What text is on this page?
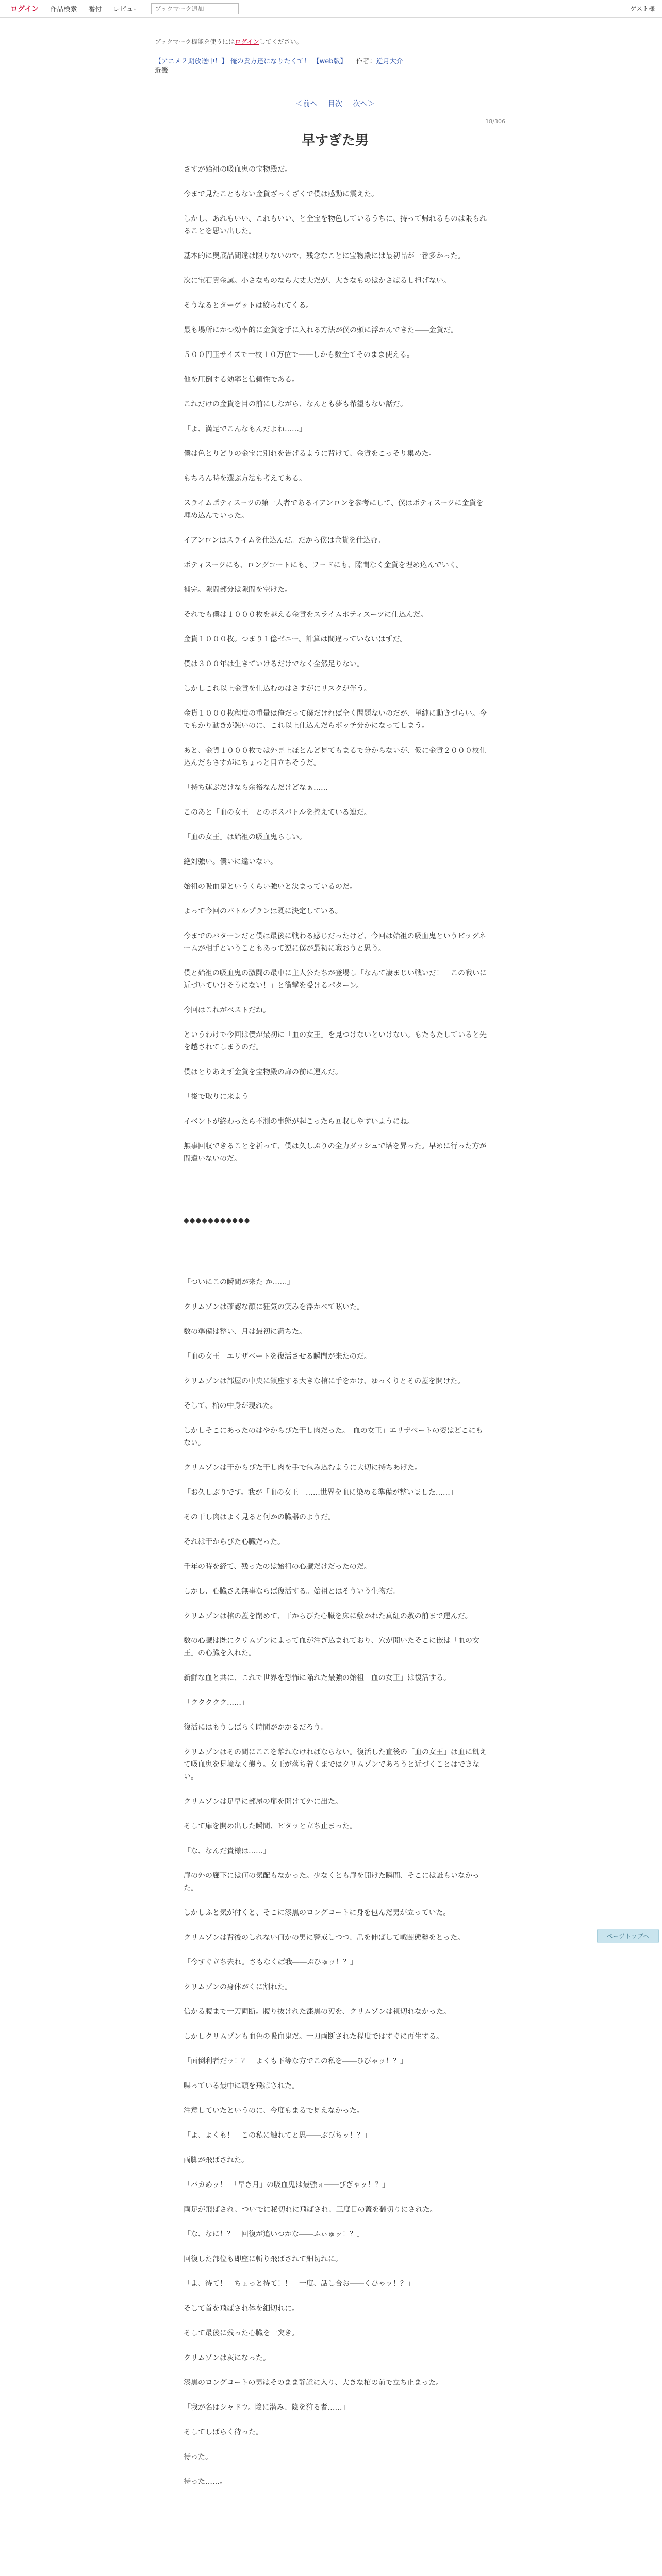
ログイン 作品検索 番付 レビュー
ブックマーク追加	ゲスト様
ブックマーク機能を使うにはログインしてください。
【アニメ２期放送中！】 俺の貴方達になりたくて！ 【web版】 作者：逆月大介
近畿
＜前へ 目次 次へ＞
18/306
早すぎた男

さすが始祖の吸血鬼の宝物殿だ。

今まで見たこともない金貨ざっくざくで僕は感動に震えた。

しかし、あれもいい、これもいい、と全宝を物色しているうちに、持って帰れるものは限られることを思い出した。

基本的に奥底品間違は限りないので、残念なことに宝物殿には最初品が一番多かった。

次に宝石貴金属。小さなものなら大丈夫だが、大きなものはかさばるし担げない。

そうなるとターゲットは絞られてくる。

最も場所にかつ効率的に金貨を手に入れる方法が僕の頭に浮かんできた――金貨だ。

５００円玉サイズで一枚１０万位で――しかも数全てそのまま使える。

他を圧倒する効率と信頼性である。

これだけの金貨を目の前にしながら、なんとも夢も希望もない話だ。

「よ、満足でこんなもんだよね……」

僕は色とりどりの金宝に別れを告げるように背けて、金貨をこっそり集めた。

もちろん時を選ぶ方法も考えてある。

スライムポティスーツの第一人者であるイアンロンを参考にして、僕はポティスーツに金貨を埋め込んでいった。

イアンロンはスライムを仕込んだ。だから僕は金貨を仕込む。

ポティスーツにも、ロングコートにも、フードにも、隙間なく金貨を埋め込んでいく。

補完。隙間部分は隙間を空けた。

それでも僕は１０００枚を越える金貨をスライムポティスーツに仕込んだ。

金貨１０００枚。つまり１億ゼニー。計算は間違っていないはずだ。

僕は３００年は生きていけるだけでなく全然足りない。

しかしこれ以上金貨を仕込むのはさすがにリスクが伴う。

金貨１０００枚程度の重量は俺だって僕だければ全く問題ないのだが、単純に動きづらい。今でもかり動きが鈍いのに、これ以上仕込んだらポッチ分かになってしまう。

あと、金貨１０００枚では外見上ほとんど見てもまるで分からないが、仮に金貨２０００枚仕込んだらさすがにちょっと目立ちそうだ。

「持ち運ぶだけなら余裕なんだけどなぁ……」

このあと「血の女王」とのボスバトルを控えている連だ。

「血の女王」は始祖の吸血鬼らしい。

絶対強い。僕いに違いない。

始祖の吸血鬼というくらい強いと決まっているのだ。

よって今回のバトルプランは既に決定している。

今までのパターンだと僕は最後に戦わる感じだったけど、今回は始祖の吸血鬼というビッグネームが相手ということもあって逆に僕が最初に戦おうと思う。

僕と始祖の吸血鬼の激闘の最中に主人公たちが登場し「なんて凄まじい戦いだ！　この戦いに近づいていけそうにない！」と衝撃を受けるパターン。

今回はこれがベストだね。

というわけで今回は僕が最初に「血の女王」を見つけないといけない。もたもたしていると先を越されてしまうのだ。

僕はとりあえず金貨を宝物殿の扉の前に運んだ。

「後で取りに来よう」

イベントが終わったら不測の事態が起こったら回収しやすいようにね。

無事回収できることを祈って、僕は久しぶりの全力ダッシュで塔を昇った。早めに行った方が間違いないのだ。

◆◆◆◆◆◆◆◆◆◆◆

「ついにこの瞬間が来た か……」

クリムゾンは確認な顔に狂気の笑みを浮かべて呟いた。

数の準備は整い、月は最初に満ちた。

「血の女王」エリザベートを復活させる瞬間が来たのだ。

クリムゾンは部屋の中央に鎮座する大きな棺に手をかけ、ゆっくりとその蓋を開けた。

そして、棺の中身が現れた。

しかしそこにあったのはやからびた干し肉だった。「血の女王」エリザベートの姿はどこにもない。

クリムゾンは干からびた干し肉を手で包み込むように大切に持ちあげた。

「お久しぶりです。我が「血の女王」……世界を血に染める準備が整いました……」

その干し肉はよく見ると何かの臓器のようだ。

それは干からびた心臓だった。

千年の時を経て、残ったのは始祖の心臓だけだったのだ。

しかし、心臓さえ無事ならば復活する。始祖とはそういう生物だ。

クリムゾンは棺の蓋を閉めて、干からびた心臓を床に敷かれた真紅の敷の前まで運んだ。

数の心臓は既にクリムゾンによって血が注ぎ込まれており、穴が開いたそこに嵌は「血の女王」の心臓を入れた。

新鮮な血と共に、これで世界を恐怖に陥れた最強の始祖「血の女王」は復活する。

「ククククク……」

復活にはもうしばらく時間がかかるだろう。

クリムゾンはその間にここを離れなければならない。復活した直後の「血の女王」は血に飢えて吸血鬼を見境なく襲う。女王が落ち着くまではクリムゾンであろうと近づくことはできない。

クリムゾンは足早に部屋の扉を開けて外に出た。

そして扉を開め出した瞬間、ピタッと立ち止まった。

「な、なんだ貴様は……」

扉の外の廊下には何の気配もなかった。少なくとも扉を開けた瞬間、そこには誰もいなかった。

しかしふと気が付くと、そこに漆黒のロングコートに身を包んだ男が立っていた。

クリムゾンは背後のしれない何かの男に警戒しつつ、爪を伸ばして戦闘態勢をとった。

「今すぐ立ち去れ。さもなくば我――ぶひゅッ！？」

クリムゾンの身体がくに割れた。

信かる腹まで一刀両断。腹り抜けれた漆黒の刃を、クリムゾンは視切れなかった。

しかしクリムゾンも血色の吸血鬼だ。一刀両断された程度ではすぐに再生する。

「面倒利者だッ！？　よくも下等な方でこの私を――ひびゃッ！？」

喋っている最中に頭を飛ばされた。

注意していたというのに、今度もまるで見えなかった。

「よ、よくも！　この私に触れてと思――ぶびちッ！？」

両脚が飛ばされた。

「バカめッ！　「早き月」の吸血鬼は最強ォ――びぎゃッ！？」

両足が飛ばされ、ついでに秘切れに飛ばされ、三度目の蓋を翻切りにされた。

「な、なに！？　回復が追いつかな――ふぃゅッ！？」

回復した部位も即座に斬り飛ばされて細切れに。

「よ、待て！　ちょっと待て！！　一度、話し合お――くひゃッ！？」

そして首を飛ばされ体を細切れに。

そして最後に残った心臓を一突き。

クリムゾンは灰になった。

漆黒のロングコートの男はそのまま静謐に入り、大きな棺の前で立ち止まった。

「我が名はシャドウ。陰に潜み、陰を狩る者……」

そしてしばらく待った。

待った。

待った……。

ページトップへ
